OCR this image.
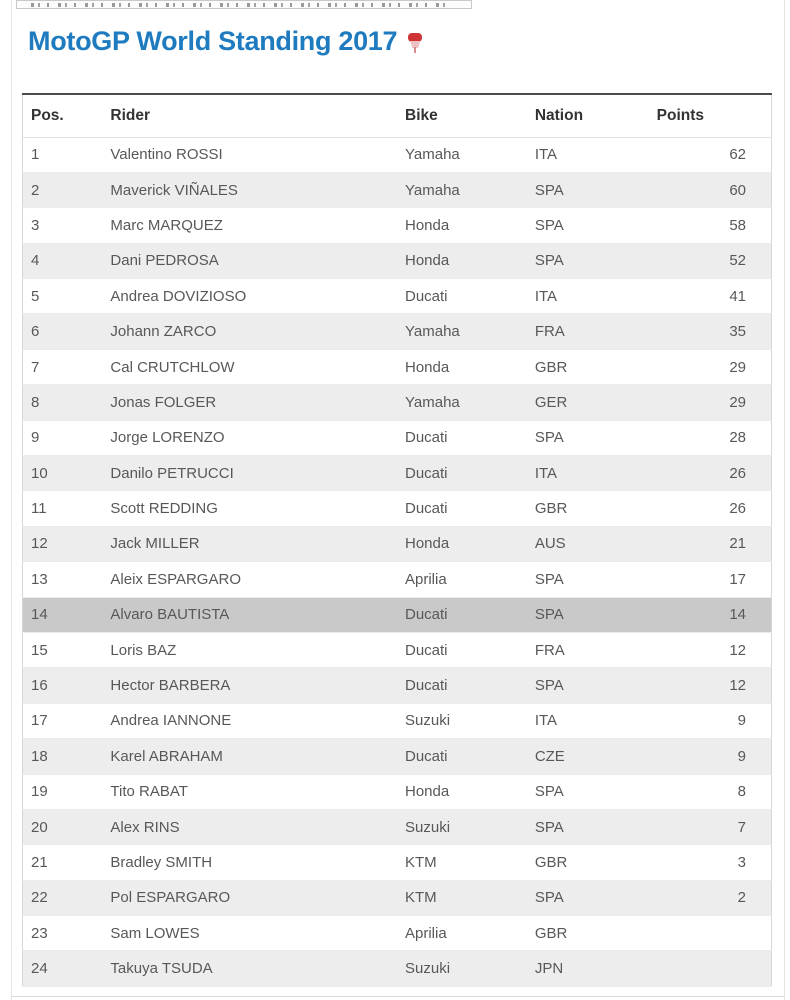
MotoGP World Standing 2017
Pos.	Rider	Bike	Nation	Points
1	Valentino ROSSI	Yamaha	ITA	62
2	Maverick VIÑALES	Yamaha	SPA	60
3	Marc MARQUEZ	Honda	SPA	58
4	Dani PEDROSA	Honda	SPA	52
5	Andrea DOVIZIOSO	Ducati	ITA	41
6	Johann ZARCO	Yamaha	FRA	35
7	Cal CRUTCHLOW	Honda	GBR	29
8	Jonas FOLGER	Yamaha	GER	29
9	Jorge LORENZO	Ducati	SPA	28
10	Danilo PETRUCCI	Ducati	ITA	26
11	Scott REDDING	Ducati	GBR	26
12	Jack MILLER	Honda	AUS	21
13	Aleix ESPARGARO	Aprilia	SPA	17
14	Alvaro BAUTISTA	Ducati	SPA	14
15	Loris BAZ	Ducati	FRA	12
16	Hector BARBERA	Ducati	SPA	12
17	Andrea IANNONE	Suzuki	ITA	9
18	Karel ABRAHAM	Ducati	CZE	9
19	Tito RABAT	Honda	SPA	8
20	Alex RINS	Suzuki	SPA	7
21	Bradley SMITH	KTM	GBR	3
22	Pol ESPARGARO	KTM	SPA	2
23	Sam LOWES	Aprilia	GBR	
24	Takuya TSUDA	Suzuki	JPN	
